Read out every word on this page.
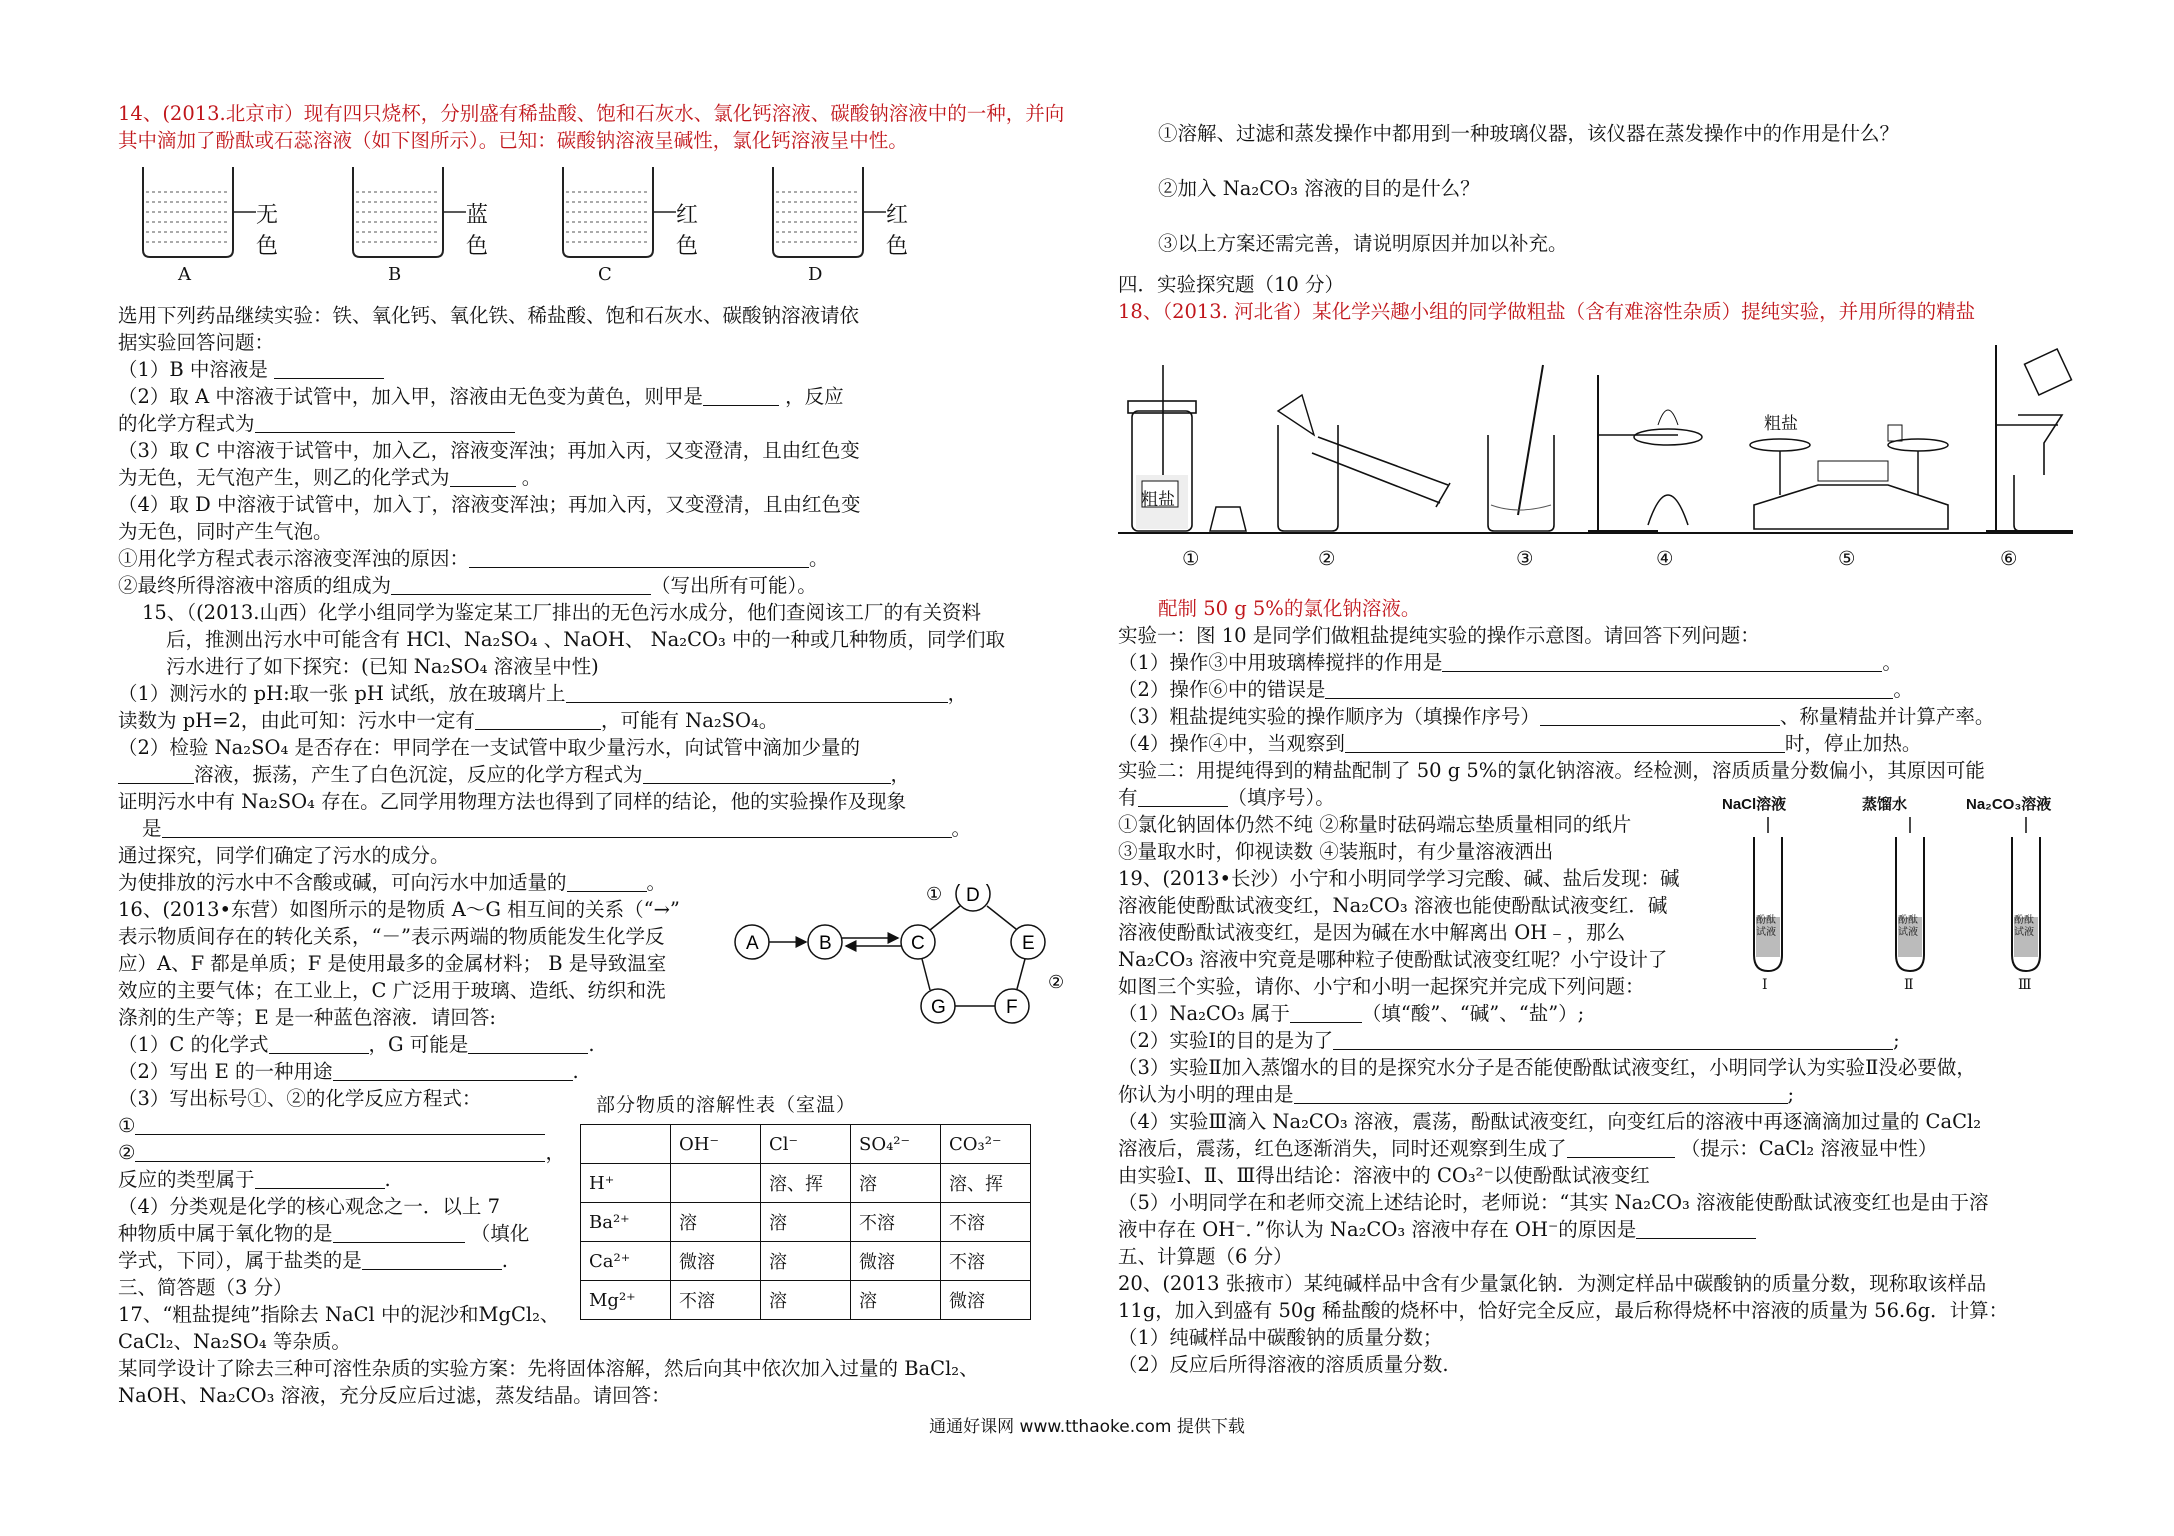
14、(2013.北京市）现有四只烧杯，分别盛有稀盐酸、饱和石灰水、氯化钙溶液、碳酸钠溶液中的一种，并向其中滴加了酚酞或石蕊溶液（如下图所示）。已知：碳酸钠溶液呈碱性，氯化钙溶液呈中性。
无色
A
蓝色
B
红色
C
红色
D
选用下列药品继续实验：铁、氧化钙、氧化铁、稀盐酸、饱和石灰水、碳酸钠溶液请依
据实验回答问题：
（1）B 中溶液是
（2）取 A 中溶液于试管中，加入甲，溶液由无色变为黄色，则甲是	，反应
的化学方程式为
（3）取 C 中溶液于试管中，加入乙，溶液变浑浊；再加入丙，又变澄清，且由红色变
为无色，无气泡产生，则乙的化学式为	。
（4）取 D 中溶液于试管中，加入丁，溶液变浑浊；再加入丙，又变澄清，且由红色变
为无色，同时产生气泡。
①用化学方程式表示溶液变浑浊的原因：	。
②最终所得溶液中溶质的组成为	（写出所有可能）。
15、（(2013.山西）化学小组同学为鉴定某工厂排出的无色污水成分，他们查阅该工厂的有关资料
后，推测出污水中可能含有 HCl、Na₂SO₄ 、NaOH、 Na₂CO₃ 中的一种或几种物质，同学们取
污水进行了如下探究：(已知 Na₂SO₄ 溶液呈中性)
（1）测污水的 pH:取一张 pH 试纸，放在玻璃片上	，
读数为 pH=2，由此可知：污水中一定有	，可能有 Na₂SO₄。
（2）检验 Na₂SO₄ 是否存在：甲同学在一支试管中取少量污水，向试管中滴加少量的
溶液，振荡，产生了白色沉淀，反应的化学方程式为	，
证明污水中有 Na₂SO₄ 存在。乙同学用物理方法也得到了同样的结论，他的实验操作及现象
是	。
通过探究，同学们确定了污水的成分。
为使排放的污水中不含酸或碱，可向污水中加适量的	。
A	B	C
D
E
F
G
①
②
16、(2013•东营）如图所示的是物质 A～G 相互间的关系（“→”
表示物质间存在的转化关系，“－”表示两端的物质能发生化学反
应）A、F 都是单质；F 是使用最多的金属材料； B 是导致温室
效应的主要气体；在工业上，C 广泛用于玻璃、造纸、纺织和洗
涤剂的生产等；E 是一种蓝色溶液．请回答:
（1）C 的化学式	，G 可能是	.
（2）写出 E 的一种用途	.
（3）写出标号①、②的化学反应方程式：	部分物质的溶解性表（室温）
	OH⁻	Cl⁻	SO₄²⁻	CO₃²⁻
H⁺		溶、挥	溶	溶、挥
Ba²⁺	溶	溶	不溶	不溶
Ca²⁺	微溶	溶	微溶	不溶
Mg²⁺	不溶	溶	溶	微溶
①
②	，
反应的类型属于	.
（4）分类观是化学的核心观念之一．以上 7
种物质中属于氧化物的是	（填化
学式，下同），属于盐类的是	.
三、简答题（3 分）
17、“粗盐提纯”指除去 NaCl 中的泥沙和MgCl₂、
CaCl₂、Na₂SO₄ 等杂质。
某同学设计了除去三种可溶性杂质的实验方案：先将固体溶解，然后向其中依次加入过量的 BaCl₂、
NaOH、Na₂CO₃ 溶液，充分反应后过滤，蒸发结晶。请回答：
①溶解、过滤和蒸发操作中都用到一种玻璃仪器，该仪器在蒸发操作中的作用是什么？
②加入 Na₂CO₃ 溶液的目的是什么？
③以上方案还需完善，请说明原因并加以补充。
四．实验探究题（10 分）
18、（2013. 河北省）某化学兴趣小组的同学做粗盐（含有难溶性杂质）提纯实验，并用所得的精盐
粗盐
粗盐
①	②	③	④	⑤	⑥
配制 50 g 5%的氯化钠溶液。
实验一：图 10 是同学们做粗盐提纯实验的操作示意图。请回答下列问题：
（1）操作③中用玻璃棒搅拌的作用是	。
（2）操作⑥中的错误是	。
（3）粗盐提纯实验的操作顺序为（填操作序号）	、称量精盐并计算产率。
（4）操作④中，当观察到	时，停止加热。
实验二：用提纯得到的精盐配制了 50 g 5%的氯化钠溶液。经检测，溶质质量分数偏小，其原因可能
有	（填序号）。
①氯化钠固体仍然不纯 ②称量时砝码端忘垫质量相同的纸片
③量取水时，仰视读数 ④装瓶时，有少量溶液洒出
NaCl溶液	蒸馏水	Na₂CO₃溶液
酚酞
试液
酚酞
试液
酚酞
试液
Ⅰ	Ⅱ	Ⅲ
19、(2013•长沙）小宁和小明同学学习完酸、碱、盐后发现：碱
溶液能使酚酞试液变红，Na₂CO₃ 溶液也能使酚酞试液变红．碱
溶液使酚酞试液变红，是因为碱在水中解离出 OH﹣，那么
Na₂CO₃ 溶液中究竟是哪种粒子使酚酞试液变红呢？小宁设计了
如图三个实验，请你、小宁和小明一起探究并完成下列问题：
（1）Na₂CO₃ 属于	（填“酸”、“碱”、“盐”）;
（2）实验Ⅰ的目的是为了	;
（3）实验Ⅱ加入蒸馏水的目的是探究水分子是否能使酚酞试液变红，小明同学认为实验Ⅱ没必要做，
你认为小明的理由是	;
（4）实验Ⅲ滴入 Na₂CO₃ 溶液，震荡，酚酞试液变红，向变红后的溶液中再逐滴滴加过量的 CaCl₂
溶液后，震荡，红色逐渐消失，同时还观察到生成了	（提示：CaCl₂ 溶液显中性）
由实验Ⅰ、Ⅱ、Ⅲ得出结论：溶液中的 CO₃²⁻以使酚酞试液变红
（5）小明同学在和老师交流上述结论时，老师说：“其实 Na₂CO₃ 溶液能使酚酞试液变红也是由于溶
液中存在 OH⁻．”你认为 Na₂CO₃ 溶液中存在 OH⁻的原因是
五、计算题（6 分）
20、(2013 张掖市）某纯碱样品中含有少量氯化钠．为测定样品中碳酸钠的质量分数，现称取该样品
11g，加入到盛有 50g 稀盐酸的烧杯中，恰好完全反应，最后称得烧杯中溶液的质量为 56.6g．计算：
（1）纯碱样品中碳酸钠的质量分数；
（2）反应后所得溶液的溶质质量分数.
通通好课网 www.tthaoke.com 提供下载
